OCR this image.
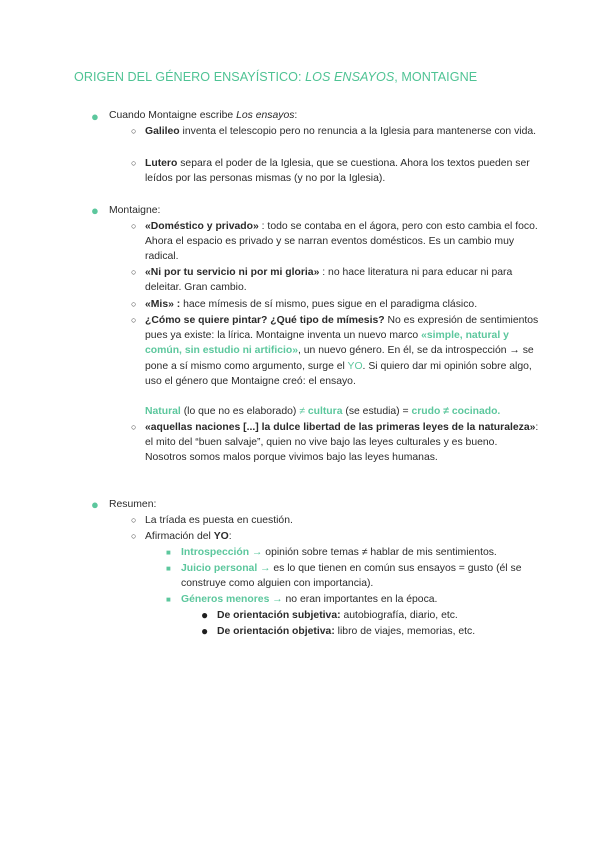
ORIGEN DEL GÉNERO ENSAYÍSTICO: LOS ENSAYOS, MONTAIGNE
● Cuando Montaigne escribe Los ensayos:
○ Galileo inventa el telescopio pero no renuncia a la Iglesia para mantenerse con vida.
○ Lutero separa el poder de la Iglesia, que se cuestiona. Ahora los textos pueden ser leídos por las personas mismas (y no por la Iglesia).
● Montaigne:
○ «Doméstico y privado» : todo se contaba en el ágora, pero con esto cambia el foco. Ahora el espacio es privado y se narran eventos domésticos. Es un cambio muy radical.
○ «Ni por tu servicio ni por mi gloria» : no hace literatura ni para educar ni para deleitar. Gran cambio.
○ «Mis» : hace mímesis de sí mismo, pues sigue en el paradigma clásico.
○ ¿Cómo se quiere pintar? ¿Qué tipo de mímesis? No es expresión de sentimientos pues ya existe: la lírica. Montaigne inventa un nuevo marco «simple, natural y común, sin estudio ni artificio», un nuevo género. En él, se da introspección → se pone a sí mismo como argumento, surge el YO. Si quiero dar mi opinión sobre algo, uso el género que Montaigne creó: el ensayo.
Natural (lo que no es elaborado) ≠ cultura (se estudia) = crudo ≠ cocinado.
○ «aquellas naciones [...] la dulce libertad de las primeras leyes de la naturaleza»: el mito del “buen salvaje”, quien no vive bajo las leyes culturales y es bueno. Nosotros somos malos porque vivimos bajo las leyes humanas.
● Resumen:
○ La tríada es puesta en cuestión.
○ Afirmación del YO:
■ Introspección → opinión sobre temas ≠ hablar de mis sentimientos.
■ Juicio personal → es lo que tienen en común sus ensayos = gusto (él se construye como alguien con importancia).
■ Géneros menores → no eran importantes en la época.
● De orientación subjetiva: autobiografía, diario, etc.
● De orientación objetiva: libro de viajes, memorias, etc.
